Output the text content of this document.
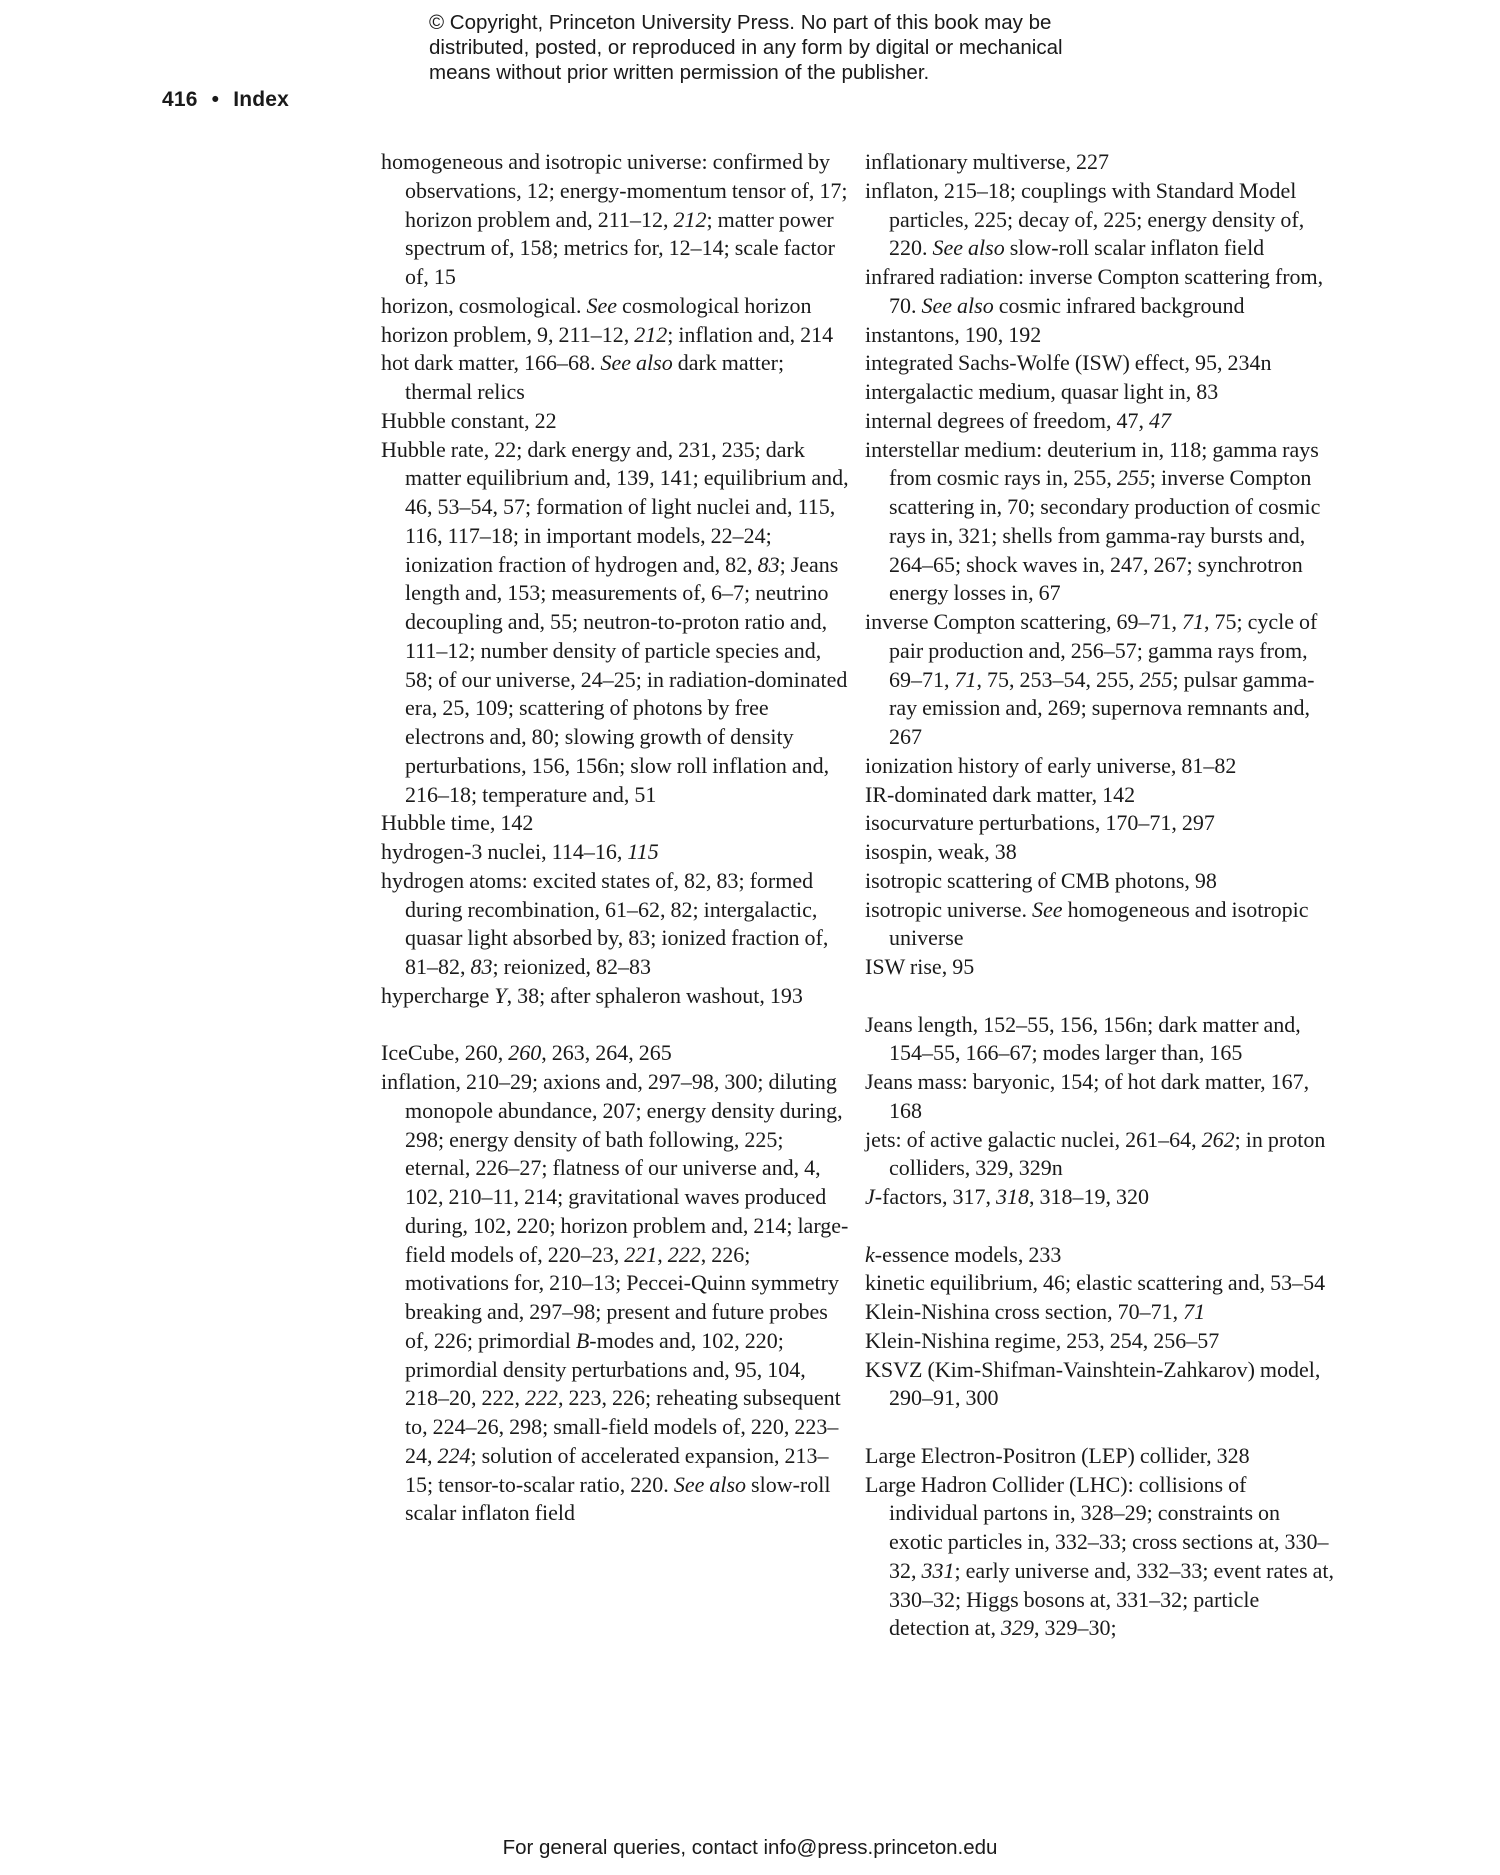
© Copyright, Princeton University Press. No part of this book may be
distributed, posted, or reproduced in any form by digital or mechanical
means without prior written permission of the publisher.
416 • Index

homogeneous and isotropic universe: confirmed by observations, 12; energy-momentum tensor of, 17; horizon problem and, 211–12, 212; matter power spectrum of, 158; metrics for, 12–14; scale factor of, 15

horizon, cosmological. See cosmological horizon

horizon problem, 9, 211–12, 212; inflation and, 214

hot dark matter, 166–68. See also dark matter; thermal relics

Hubble constant, 22

Hubble rate, 22; dark energy and, 231, 235; dark matter equilibrium and, 139, 141; equilibrium and, 46, 53–54, 57; formation of light nuclei and, 115, 116, 117–18; in important models, 22–24; ionization fraction of hydrogen and, 82, 83; Jeans length and, 153; measurements of, 6–7; neutrino decoupling and, 55; neutron-to-proton ratio and, 111–12; number density of particle species and, 58; of our universe, 24–25; in radiation-dominated era, 25, 109; scattering of photons by free electrons and, 80; slowing growth of density perturbations, 156, 156n; slow roll inflation and, 216–18; temperature and, 51

Hubble time, 142

hydrogen-3 nuclei, 114–16, 115

hydrogen atoms: excited states of, 82, 83; formed during recombination, 61–62, 82; intergalactic, quasar light absorbed by, 83; ionized fraction of, 81–82, 83; reionized, 82–83

hypercharge Y, 38; after sphaleron washout, 193

IceCube, 260, 260, 263, 264, 265

inflation, 210–29; axions and, 297–98, 300; diluting monopole abundance, 207; energy density during, 298; energy density of bath following, 225; eternal, 226–27; flatness of our universe and, 4, 102, 210–11, 214; gravitational waves produced during, 102, 220; horizon problem and, 214; large-field models of, 220–23, 221, 222, 226; motivations for, 210–13; Peccei-Quinn symmetry breaking and, 297–98; present and future probes of, 226; primordial B-modes and, 102, 220; primordial density perturbations and, 95, 104, 218–20, 222, 222, 223, 226; reheating subsequent to, 224–26, 298; small-field models of, 220, 223–24, 224; solution of accelerated expansion, 213–15; tensor-to-scalar ratio, 220. See also slow-roll scalar inflaton field

inflationary multiverse, 227

inflaton, 215–18; couplings with Standard Model particles, 225; decay of, 225; energy density of, 220. See also slow-roll scalar inflaton field

infrared radiation: inverse Compton scattering from, 70. See also cosmic infrared background

instantons, 190, 192

integrated Sachs-Wolfe (ISW) effect, 95, 234n

intergalactic medium, quasar light in, 83

internal degrees of freedom, 47, 47

interstellar medium: deuterium in, 118; gamma rays from cosmic rays in, 255, 255; inverse Compton scattering in, 70; secondary production of cosmic rays in, 321; shells from gamma-ray bursts and, 264–65; shock waves in, 247, 267; synchrotron energy losses in, 67

inverse Compton scattering, 69–71, 71, 75; cycle of pair production and, 256–57; gamma rays from, 69–71, 71, 75, 253–54, 255, 255; pulsar gamma-ray emission and, 269; supernova remnants and, 267

ionization history of early universe, 81–82

IR-dominated dark matter, 142

isocurvature perturbations, 170–71, 297

isospin, weak, 38

isotropic scattering of CMB photons, 98

isotropic universe. See homogeneous and isotropic universe

ISW rise, 95

Jeans length, 152–55, 156, 156n; dark matter and, 154–55, 166–67; modes larger than, 165

Jeans mass: baryonic, 154; of hot dark matter, 167, 168

jets: of active galactic nuclei, 261–64, 262; in proton colliders, 329, 329n

J-factors, 317, 318, 318–19, 320

k-essence models, 233

kinetic equilibrium, 46; elastic scattering and, 53–54

Klein-Nishina cross section, 70–71, 71

Klein-Nishina regime, 253, 254, 256–57

KSVZ (Kim-Shifman-Vainshtein-Zahkarov) model, 290–91, 300

Large Electron-Positron (LEP) collider, 328

Large Hadron Collider (LHC): collisions of individual partons in, 328–29; constraints on exotic particles in, 332–33; cross sections at, 330–32, 331; early universe and, 332–33; event rates at, 330–32; Higgs bosons at, 331–32; particle detection at, 329, 329–30;

For general queries, contact info@press.princeton.edu
